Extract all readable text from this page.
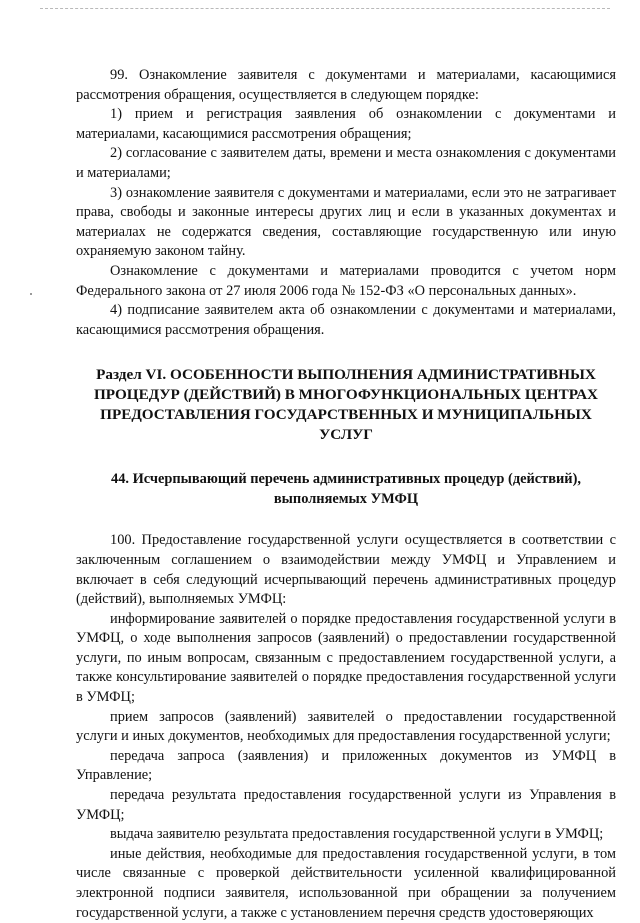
99. Ознакомление заявителя с документами и материалами, касающимися рассмотрения обращения, осуществляется в следующем порядке:

1) прием и регистрация заявления об ознакомлении с документами и материалами, касающимися рассмотрения обращения;

2) согласование с заявителем даты, времени и места ознакомления с документами и материалами;

3) ознакомление заявителя с документами и материалами, если это не затрагивает права, свободы и законные интересы других лиц и если в указанных документах и материалах не содержатся сведения, составляющие государственную или иную охраняемую законом тайну.

Ознакомление с документами и материалами проводится с учетом норм Федерального закона от 27 июля 2006 года № 152-ФЗ «О персональных данных».

4) подписание заявителем акта об ознакомлении с документами и материалами, касающимися рассмотрения обращения.

Раздел VI. ОСОБЕННОСТИ ВЫПОЛНЕНИЯ АДМИНИСТРАТИВНЫХ ПРОЦЕДУР (ДЕЙСТВИЙ) В МНОГОФУНКЦИОНАЛЬНЫХ ЦЕНТРАХ ПРЕДОСТАВЛЕНИЯ ГОСУДАРСТВЕННЫХ И МУНИЦИПАЛЬНЫХ УСЛУГ
44. Исчерпывающий перечень административных процедур (действий), выполняемых УМФЦ

100. Предоставление государственной услуги осуществляется в соответствии с заключенным соглашением о взаимодействии между УМФЦ и Управлением и включает в себя следующий исчерпывающий перечень административных процедур (действий), выполняемых УМФЦ:

информирование заявителей о порядке предоставления государственной услуги в УМФЦ, о ходе выполнения запросов (заявлений) о предоставлении государственной услуги, по иным вопросам, связанным с предоставлением государственной услуги, а также консультирование заявителей о порядке предоставления государственной услуги в УМФЦ;

прием запросов (заявлений) заявителей о предоставлении государственной услуги и иных документов, необходимых для предоставления государственной услуги;

передача запроса (заявления) и приложенных документов из УМФЦ в Управление;

передача результата предоставления государственной услуги из Управления в УМФЦ;

выдача заявителю результата предоставления государственной услуги в УМФЦ;

иные действия, необходимые для предоставления государственной услуги, в том числе связанные с проверкой действительности усиленной квалифицированной электронной подписи заявителя, использованной при обращении за получением государственной услуги, а также с установлением перечня средств удостоверяющих
